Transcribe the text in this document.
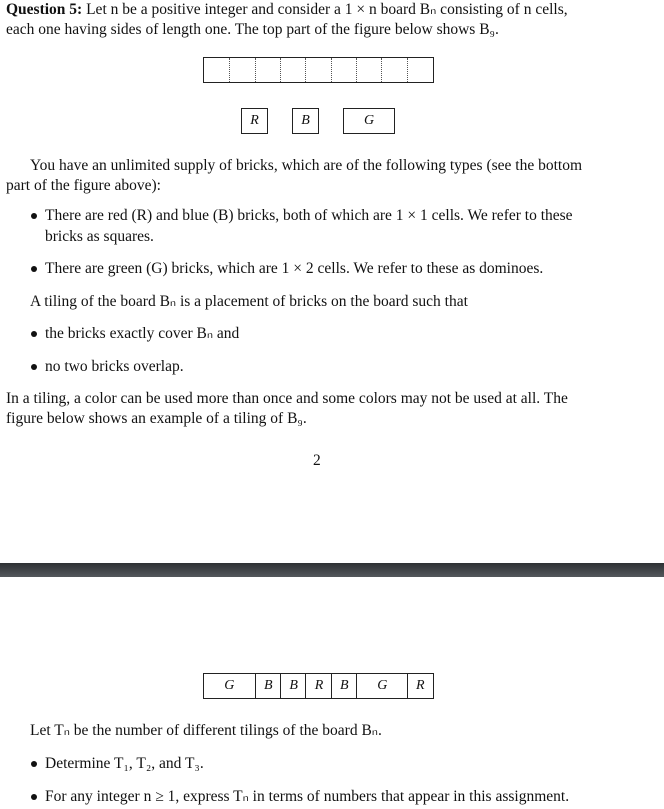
Question 5: Let n be a positive integer and consider a 1 × n board Bₙ consisting of n cells,
each one having sides of length one. The top part of the figure below shows B₉.
R	B	G
You have an unlimited supply of bricks, which are of the following types (see the bottom
part of the figure above):
There are red (R) and blue (B) bricks, both of which are 1 × 1 cells. We refer to these
bricks as squares.
There are green (G) bricks, which are 1 × 2 cells. We refer to these as dominoes.
A tiling of the board Bₙ is a placement of bricks on the board such that
the bricks exactly cover Bₙ and
no two bricks overlap.
In a tiling, a color can be used more than once and some colors may not be used at all. The
figure below shows an example of a tiling of B₉.
2
G	B	B	R	B	G	R
Let Tₙ be the number of different tilings of the board Bₙ.
Determine T₁, T₂, and T₃.
For any integer n ≥ 1, express Tₙ in terms of numbers that appear in this assignment.
